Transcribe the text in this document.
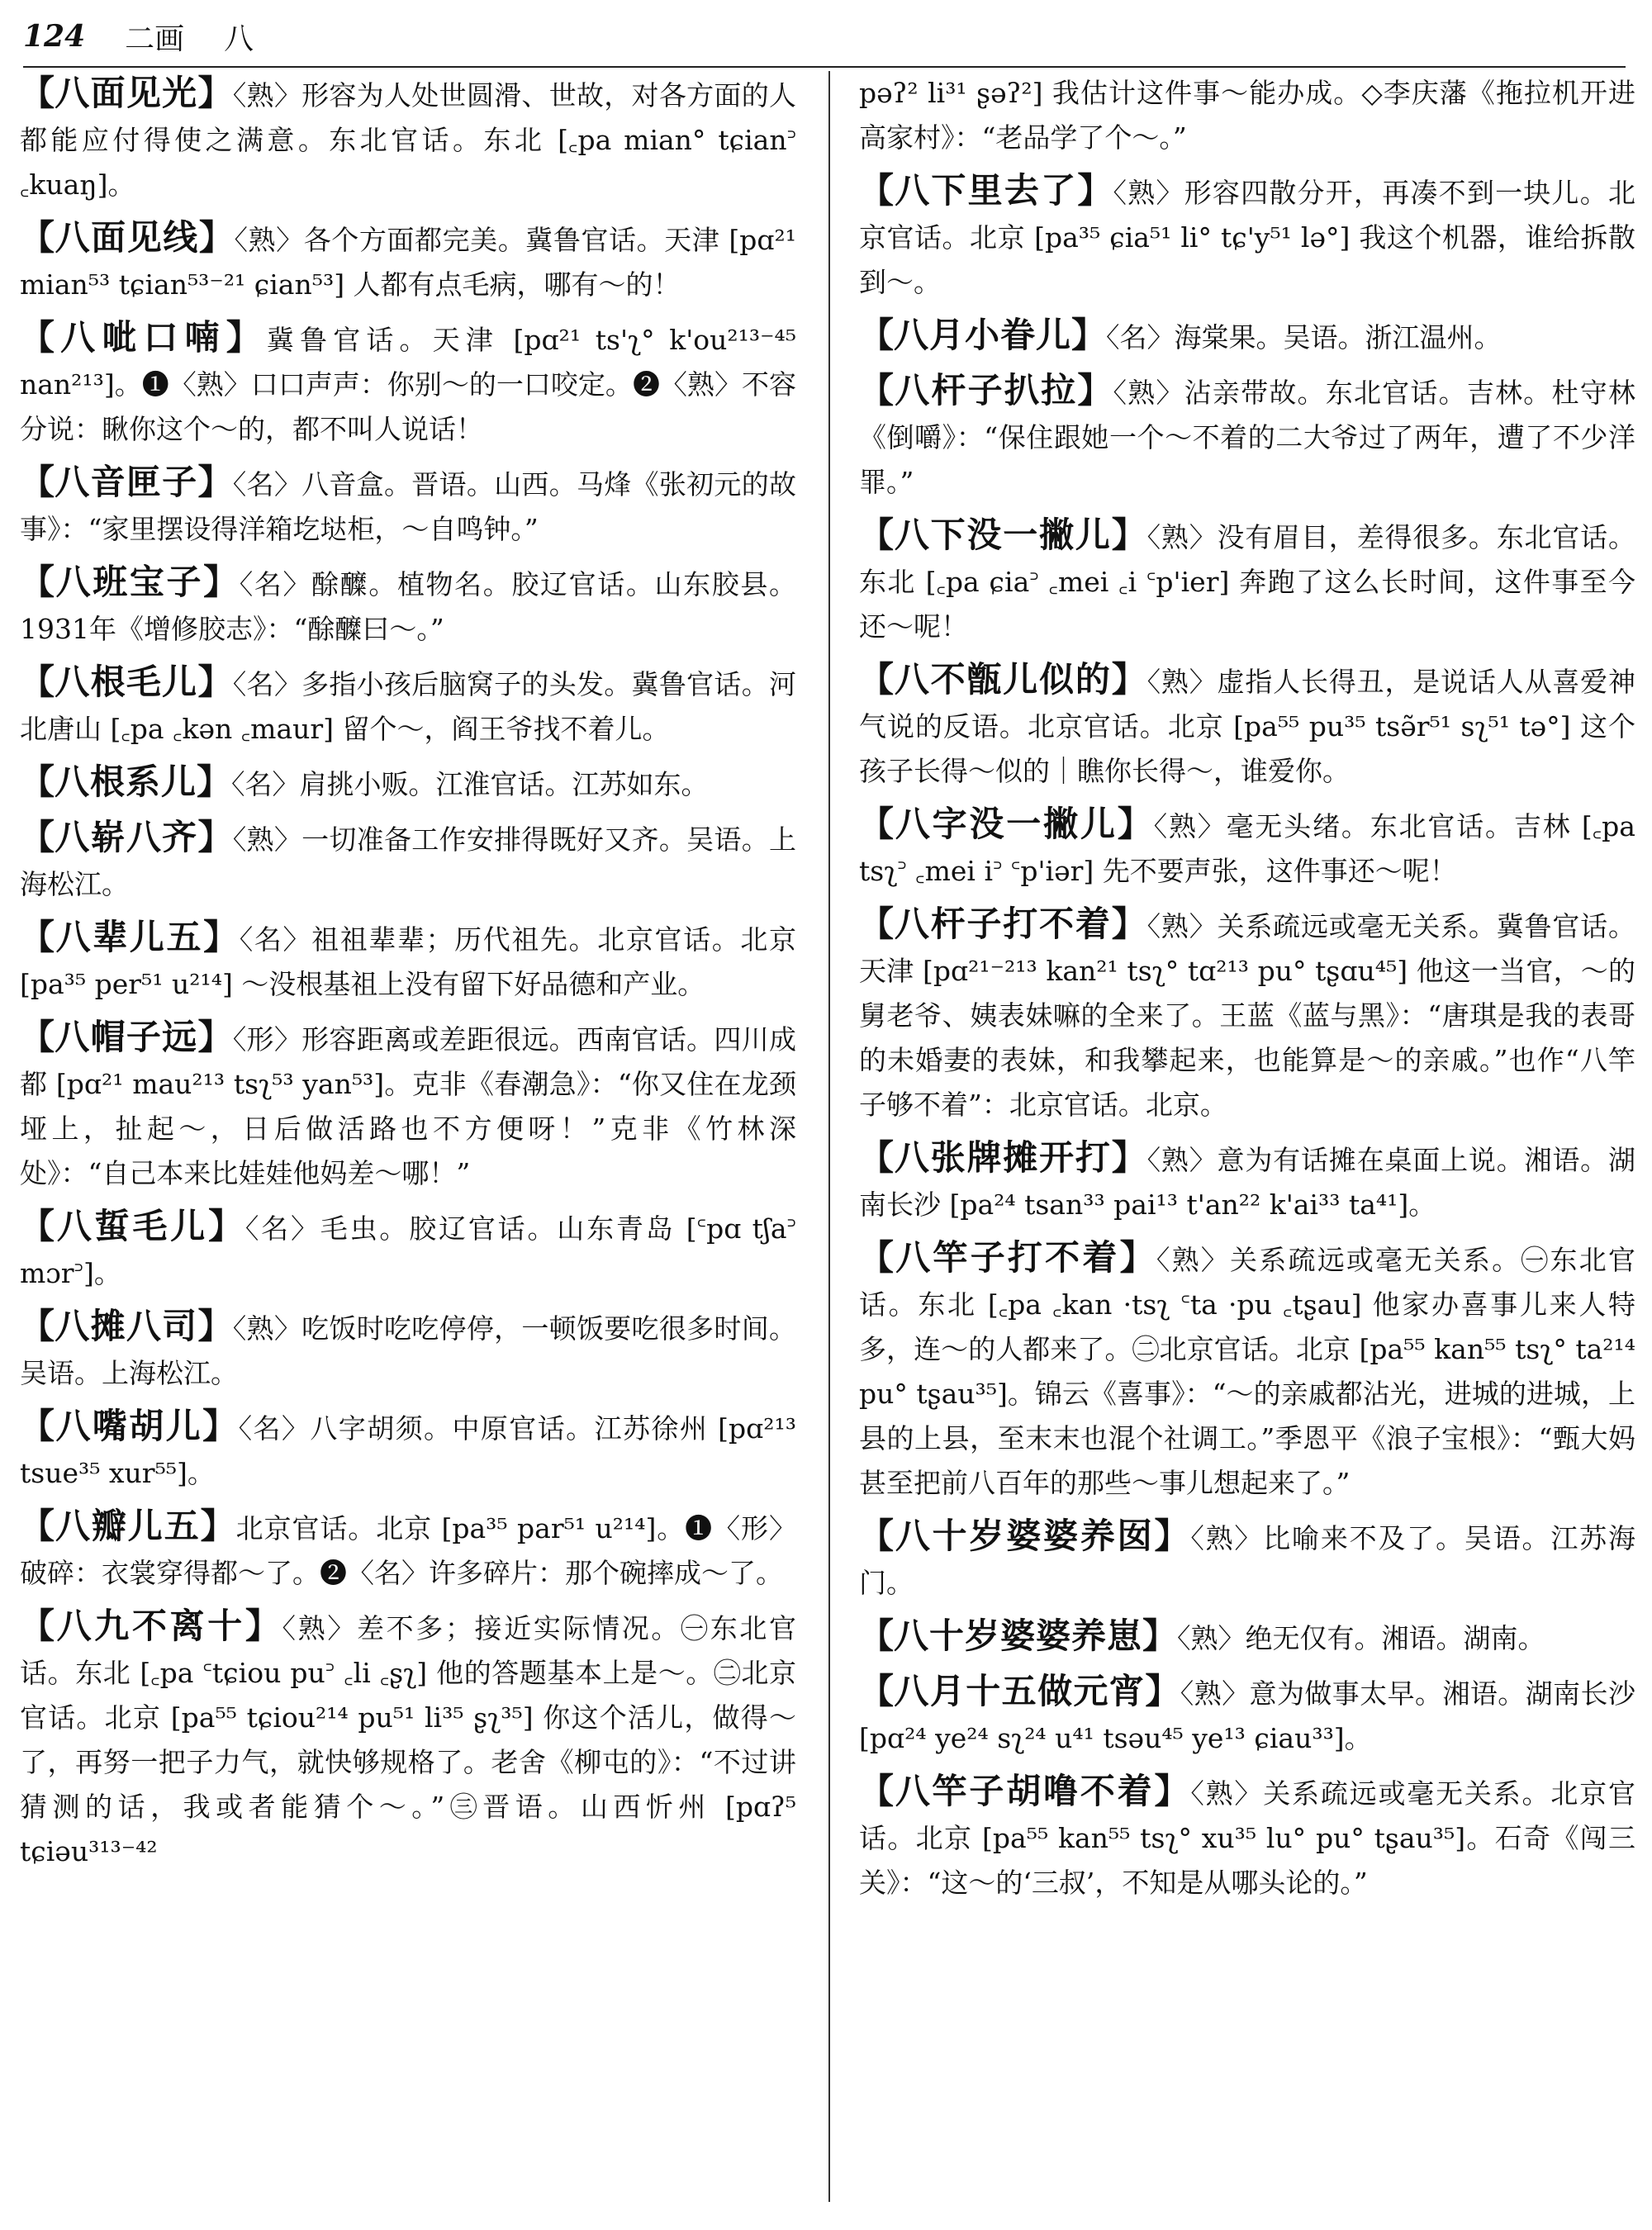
124 二画 八
【八面见光】〈熟〉形容为人处世圆滑、世故，对各方面的人都能应付得使之满意。东北官话。东北 [꜀pa mian° tɕian꜄ ꜀kuaŋ]。
【八面见线】〈熟〉各个方面都完美。冀鲁官话。天津 [pɑ²¹ mian⁵³ tɕian⁵³⁻²¹ ɕian⁵³] 人都有点毛病，哪有～的！
【八呲口喃】冀鲁官话。天津 [pɑ²¹ ts'ʅ° k'ou²¹³⁻⁴⁵ nan²¹³]。❶〈熟〉口口声声：你别～的一口咬定。❷〈熟〉不容分说：瞅你这个～的，都不叫人说话！
【八音匣子】〈名〉八音盒。晋语。山西。马烽《张初元的故事》：“家里摆设得洋箱圪垯柜，～自鸣钟。”
【八班宝子】〈名〉酴醾。植物名。胶辽官话。山东胶县。1931年《增修胶志》：“酴醾曰～。”
【八根毛儿】〈名〉多指小孩后脑窝子的头发。冀鲁官话。河北唐山 [꜀pa ꜀kən ꜀maur] 留个～，阎王爷找不着儿。
【八根系儿】〈名〉肩挑小贩。江淮官话。江苏如东。
【八崭八齐】〈熟〉一切准备工作安排得既好又齐。吴语。上海松江。
【八辈儿五】〈名〉祖祖辈辈；历代祖先。北京官话。北京 [pa³⁵ per⁵¹ u²¹⁴] ～没根基祖上没有留下好品德和产业。
【八帽子远】〈形〉形容距离或差距很远。西南官话。四川成都 [pɑ²¹ mau²¹³ tsʅ⁵³ yan⁵³]。克非《春潮急》：“你又住在龙颈垭上，扯起～，日后做活路也不方便呀！”克非《竹林深处》：“自己本来比娃娃他妈差～哪！”
【八蜇毛儿】〈名〉毛虫。胶辽官话。山东青岛 [꜂pɑ tʃa꜄ mɔr꜄]。
【八摊八司】〈熟〉吃饭时吃吃停停，一顿饭要吃很多时间。吴语。上海松江。
【八嘴胡儿】〈名〉八字胡须。中原官话。江苏徐州 [pɑ²¹³ tsue³⁵ xur⁵⁵]。
【八瓣儿五】北京官话。北京 [pa³⁵ par⁵¹ u²¹⁴]。❶〈形〉破碎：衣裳穿得都～了。❷〈名〉许多碎片：那个碗摔成～了。
【八九不离十】〈熟〉差不多；接近实际情况。㊀东北官话。东北 [꜀pa ꜂tɕiou pu꜄ ꜀li ꜀ʂʅ] 他的答题基本上是～。㊁北京官话。北京 [pa⁵⁵ tɕiou²¹⁴ pu⁵¹ li³⁵ ʂʅ³⁵] 你这个活儿，做得～了，再努一把子力气，就快够规格了。老舍《柳屯的》：“不过讲猜测的话，我或者能猜个～。”㊂晋语。山西忻州 [pɑʔ⁵ tɕiəu³¹³⁻⁴²
pəʔ² li³¹ ʂəʔ²] 我估计这件事～能办成。◇李庆藩《拖拉机开进高家村》：“老品学了个～。”
【八下里去了】〈熟〉形容四散分开，再凑不到一块儿。北京官话。北京 [pa³⁵ ɕia⁵¹ li° tɕ'y⁵¹ lə°] 我这个机器，谁给拆散到～。
【八月小眷儿】〈名〉海棠果。吴语。浙江温州。
【八杆子扒拉】〈熟〉沾亲带故。东北官话。吉林。杜守林《倒嚼》：“保住跟她一个～不着的二大爷过了两年，遭了不少洋罪。”
【八下没一撇儿】〈熟〉没有眉目，差得很多。东北官话。东北 [꜀pa ɕia꜄ ꜀mei ꜀i ꜂p'ier] 奔跑了这么长时间，这件事至今还～呢！
【八不甑儿似的】〈熟〉虚指人长得丑，是说话人从喜爱神气说的反语。北京官话。北京 [pa⁵⁵ pu³⁵ tsə̃r⁵¹ sʅ⁵¹ tə°] 这个孩子长得～似的｜瞧你长得～，谁爱你。
【八字没一撇儿】〈熟〉毫无头绪。东北官话。吉林 [꜀pa tsʅ꜄ ꜀mei i꜄ ꜂p'iər] 先不要声张，这件事还～呢！
【八杆子打不着】〈熟〉关系疏远或毫无关系。冀鲁官话。天津 [pɑ²¹⁻²¹³ kan²¹ tsʅ° tɑ²¹³ pu° tʂɑu⁴⁵] 他这一当官，～的舅老爷、姨表妹嘛的全来了。王蓝《蓝与黑》：“唐琪是我的表哥的未婚妻的表妹，和我攀起来，也能算是～的亲戚。”也作“八竿子够不着”：北京官话。北京。
【八张牌摊开打】〈熟〉意为有话摊在桌面上说。湘语。湖南长沙 [pa²⁴ tsan³³ pai¹³ t'an²² k'ai³³ ta⁴¹]。
【八竿子打不着】〈熟〉关系疏远或毫无关系。㊀东北官话。东北 [꜀pa ꜀kan ·tsʅ ꜂ta ·pu ꜀tʂau] 他家办喜事儿来人特多，连～的人都来了。㊁北京官话。北京 [pa⁵⁵ kan⁵⁵ tsʅ° ta²¹⁴ pu° tʂau³⁵]。锦云《喜事》：“～的亲戚都沾光，进城的进城，上县的上县，至末末也混个社调工。”季恩平《浪子宝根》：“甄大妈甚至把前八百年的那些～事儿想起来了。”
【八十岁婆婆养囡】〈熟〉比喻来不及了。吴语。江苏海门。
【八十岁婆婆养崽】〈熟〉绝无仅有。湘语。湖南。
【八月十五做元宵】〈熟〉意为做事太早。湘语。湖南长沙 [pɑ²⁴ ye²⁴ sʅ²⁴ u⁴¹ tsəu⁴⁵ ye¹³ ɕiau³³]。
【八竿子胡噜不着】〈熟〉关系疏远或毫无关系。北京官话。北京 [pa⁵⁵ kan⁵⁵ tsʅ° xu³⁵ lu° pu° tʂau³⁵]。石奇《闯三关》：“这～的‘三叔’，不知是从哪头论的。”
